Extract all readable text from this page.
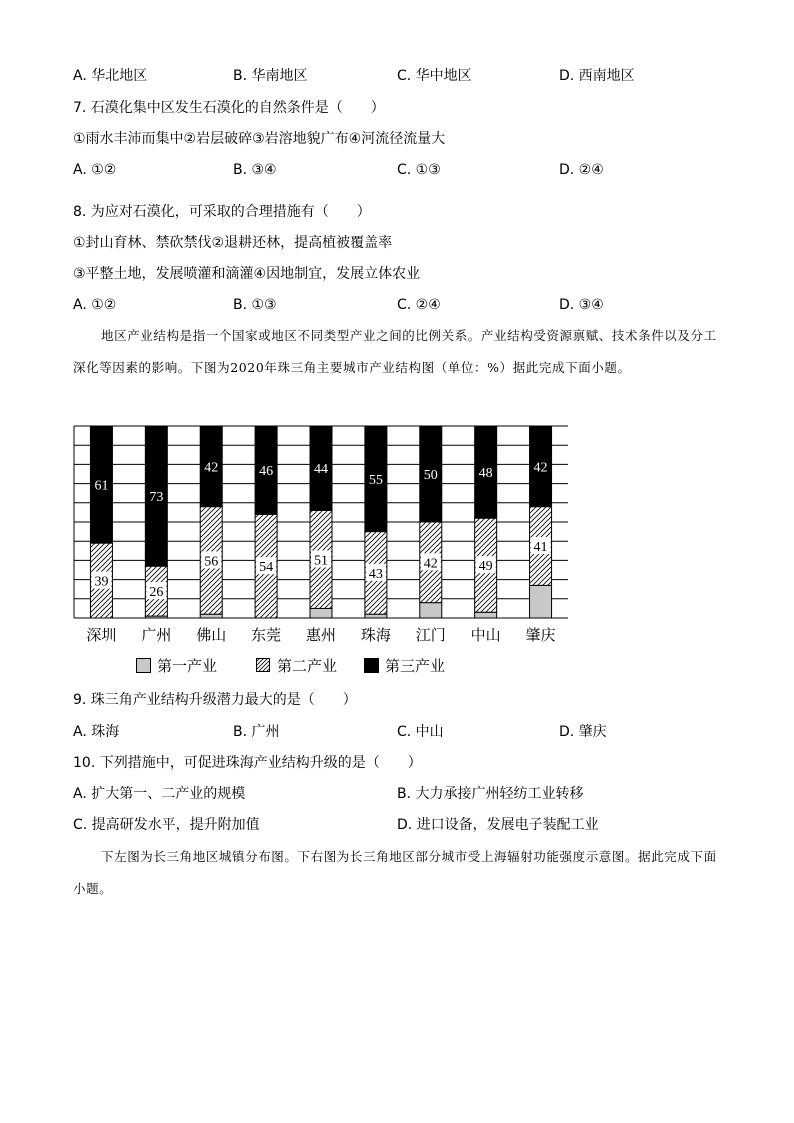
A. 华北地区	B. 华南地区	C. 华中地区	D. 西南地区
7. 石漠化集中区发生石漠化的自然条件是（　　）
①雨水丰沛而集中②岩层破碎③岩溶地貌广布④河流径流量大
A. ①②	B. ③④	C. ①③	D. ②④
8. 为应对石漠化，可采取的合理措施有（　　）
①封山育林、禁砍禁伐②退耕还林，提高植被覆盖率
③平整土地，发展喷灌和滴灌④因地制宜，发展立体农业
A. ①②	B. ①③	C. ②④	D. ③④
地区产业结构是指一个国家或地区不同类型产业之间的比例关系。产业结构受资源禀赋、技术条件以及分工深化等因素的影响。下图为2020年珠三角主要城市产业结构图（单位：%）据此完成下面小题。
39
61
深圳
26
73
广州
56
42
佛山
54
46
东莞
51
44
惠州
43
55
珠海
42
50
江门
49
48
中山
41
42
肇庆
第一产业	第二产业	第三产业
9. 珠三角产业结构升级潜力最大的是（　　）
A. 珠海	B. 广州	C. 中山	D. 肇庆
10. 下列措施中，可促进珠海产业结构升级的是（　　）
A. 扩大第一、二产业的规模	B. 大力承接广州轻纺工业转移
C. 提高研发水平，提升附加值	D. 进口设备，发展电子装配工业
下左图为长三角地区城镇分布图。下右图为长三角地区部分城市受上海辐射功能强度示意图。据此完成下面小题。
